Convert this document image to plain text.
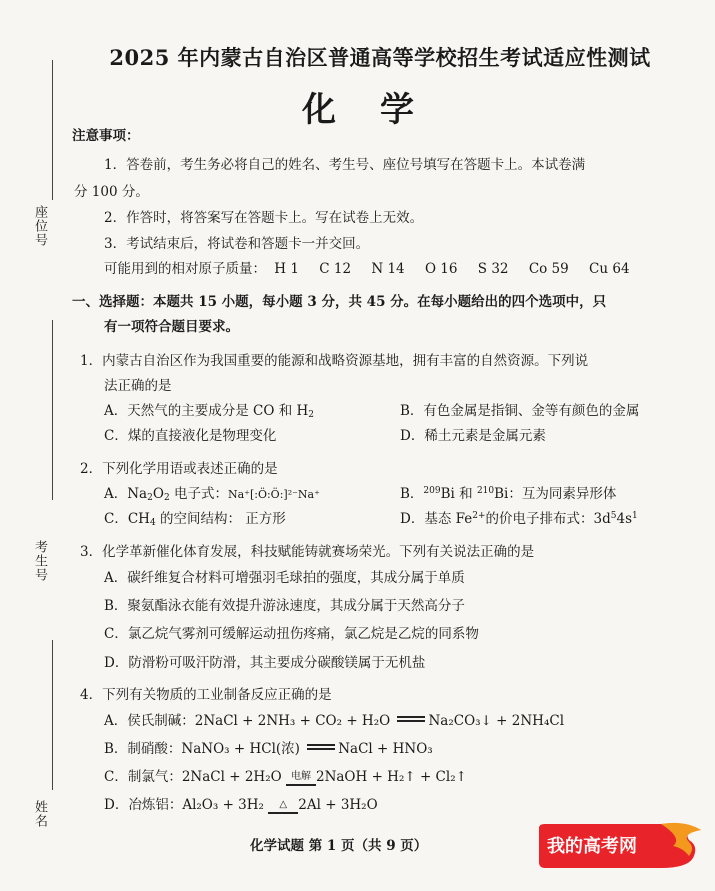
座位号
考生号
姓名
2025 年内蒙古自治区普通高等学校招生考试适应性测试
化学
注意事项：
1．答卷前，考生务必将自己的姓名、考生号、座位号填写在答题卡上。本试卷满
分 100 分。
2．作答时，将答案写在答题卡上。写在试卷上无效。
3．考试结束后，将试卷和答题卡一并交回。
可能用到的相对原子质量： H 1 C 12 N 14 O 16 S 32 Co 59 Cu 64
一、选择题：本题共 15 小题，每小题 3 分，共 45 分。在每小题给出的四个选项中，只
有一项符合题目要求。
1．内蒙古自治区作为我国重要的能源和战略资源基地，拥有丰富的自然资源。下列说
法正确的是
A．天然气的主要成分是 CO 和 $H_2$	B．有色金属是指铜、金等有颜色的金属
C．煤的直接液化是物理变化	D．稀土元素是金属元素
2．下列化学用语或表述正确的是
A．$Na_2O_2$ 电子式：Na⁺[:Ö:Ö:]²⁻Na⁺	B．$^{209}$Bi 和 $^{210}$Bi：互为同素异形体
C．$CH_4$ 的空间结构： 正方形	D．基态 $Fe^{2+}$的价电子排布式：$3d^54s^1$
3．化学革新催化体育发展，科技赋能铸就赛场荣光。下列有关说法正确的是
A．碳纤维复合材料可增强羽毛球拍的强度，其成分属于单质
B．聚氨酯泳衣能有效提升游泳速度，其成分属于天然高分子
C．氯乙烷气雾剂可缓解运动扭伤疼痛，氯乙烷是乙烷的同系物
D．防滑粉可吸汗防滑，其主要成分碳酸镁属于无机盐
4．下列有关物质的工业制备反应正确的是
A．侯氏制碱：2NaCl + 2NH₃ + CO₂ + H₂O	Na₂CO₃↓ + 2NH₄Cl
B．制硝酸：NaNO₃ + HCl(浓)	NaCl + HNO₃
C．制氯气：2NaCl + 2H₂O 电解 2NaOH + H₂↑ + Cl₂↑
D．冶炼铝：Al₂O₃ + 3H₂ △ 2Al + 3H₂O
化学试题 第 1 页（共 9 页）	我的高考网
